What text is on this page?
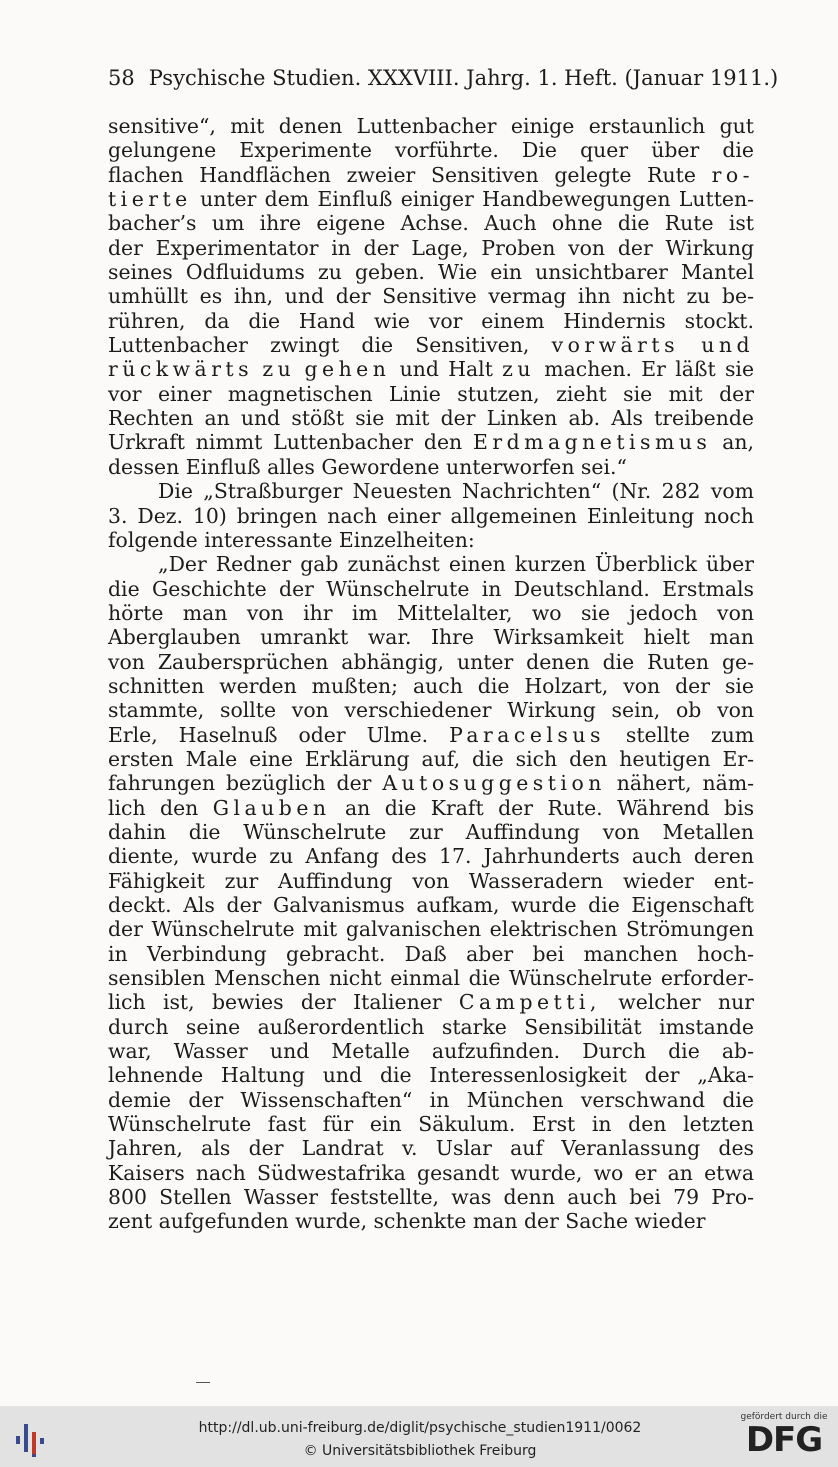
58 Psychische Studien. XXXVIII. Jahrg. 1. Heft. (Januar 1911.)
sensitive“, mit denen Luttenbacher einige erstaunlich gut
gelungene Experimente vorführte. Die quer über die
flachen Handflächen zweier Sensitiven gelegte Rute ro-
tierte unter dem Einfluß einiger Handbewegungen Lutten-
bacher’s um ihre eigene Achse. Auch ohne die Rute ist
der Experimentator in der Lage, Proben von der Wirkung
seines Odfluidums zu geben. Wie ein unsichtbarer Mantel
umhüllt es ihn, und der Sensitive vermag ihn nicht zu be-
rühren, da die Hand wie vor einem Hindernis stockt.
Luttenbacher zwingt die Sensitiven, vorwärts und
rückwärts zu gehen und Halt zu machen. Er läßt sie
vor einer magnetischen Linie stutzen, zieht sie mit der
Rechten an und stößt sie mit der Linken ab. Als treibende
Urkraft nimmt Luttenbacher den Erdmagnetismus an,
dessen Einfluß alles Gewordene unterworfen sei.“
Die „Straßburger Neuesten Nachrichten“ (Nr. 282 vom
3. Dez. 10) bringen nach einer allgemeinen Einleitung noch
folgende interessante Einzelheiten:
„Der Redner gab zunächst einen kurzen Überblick über
die Geschichte der Wünschelrute in Deutschland. Erstmals
hörte man von ihr im Mittelalter, wo sie jedoch von
Aberglauben umrankt war. Ihre Wirksamkeit hielt man
von Zaubersprüchen abhängig, unter denen die Ruten ge-
schnitten werden mußten; auch die Holzart, von der sie
stammte, sollte von verschiedener Wirkung sein, ob von
Erle, Haselnuß oder Ulme. Paracelsus stellte zum
ersten Male eine Erklärung auf, die sich den heutigen Er-
fahrungen bezüglich der Autosuggestion nähert, näm-
lich den Glauben an die Kraft der Rute. Während bis
dahin die Wünschelrute zur Auffindung von Metallen
diente, wurde zu Anfang des 17. Jahrhunderts auch deren
Fähigkeit zur Auffindung von Wasseradern wieder ent-
deckt. Als der Galvanismus aufkam, wurde die Eigenschaft
der Wünschelrute mit galvanischen elektrischen Strömungen
in Verbindung gebracht. Daß aber bei manchen hoch-
sensiblen Menschen nicht einmal die Wünschelrute erforder-
lich ist, bewies der Italiener Campetti, welcher nur
durch seine außerordentlich starke Sensibilität imstande
war, Wasser und Metalle aufzufinden. Durch die ab-
lehnende Haltung und die Interessenlosigkeit der „Aka-
demie der Wissenschaften“ in München verschwand die
Wünschelrute fast für ein Säkulum. Erst in den letzten
Jahren, als der Landrat v. Uslar auf Veranlassung des
Kaisers nach Südwestafrika gesandt wurde, wo er an etwa
800 Stellen Wasser feststellte, was denn auch bei 79 Pro-
zent aufgefunden wurde, schenkte man der Sache wieder
http://dl.ub.uni-freiburg.de/diglit/psychische_studien1911/0062
© Universitätsbibliothek Freiburg
gefördert durch die
DFG
